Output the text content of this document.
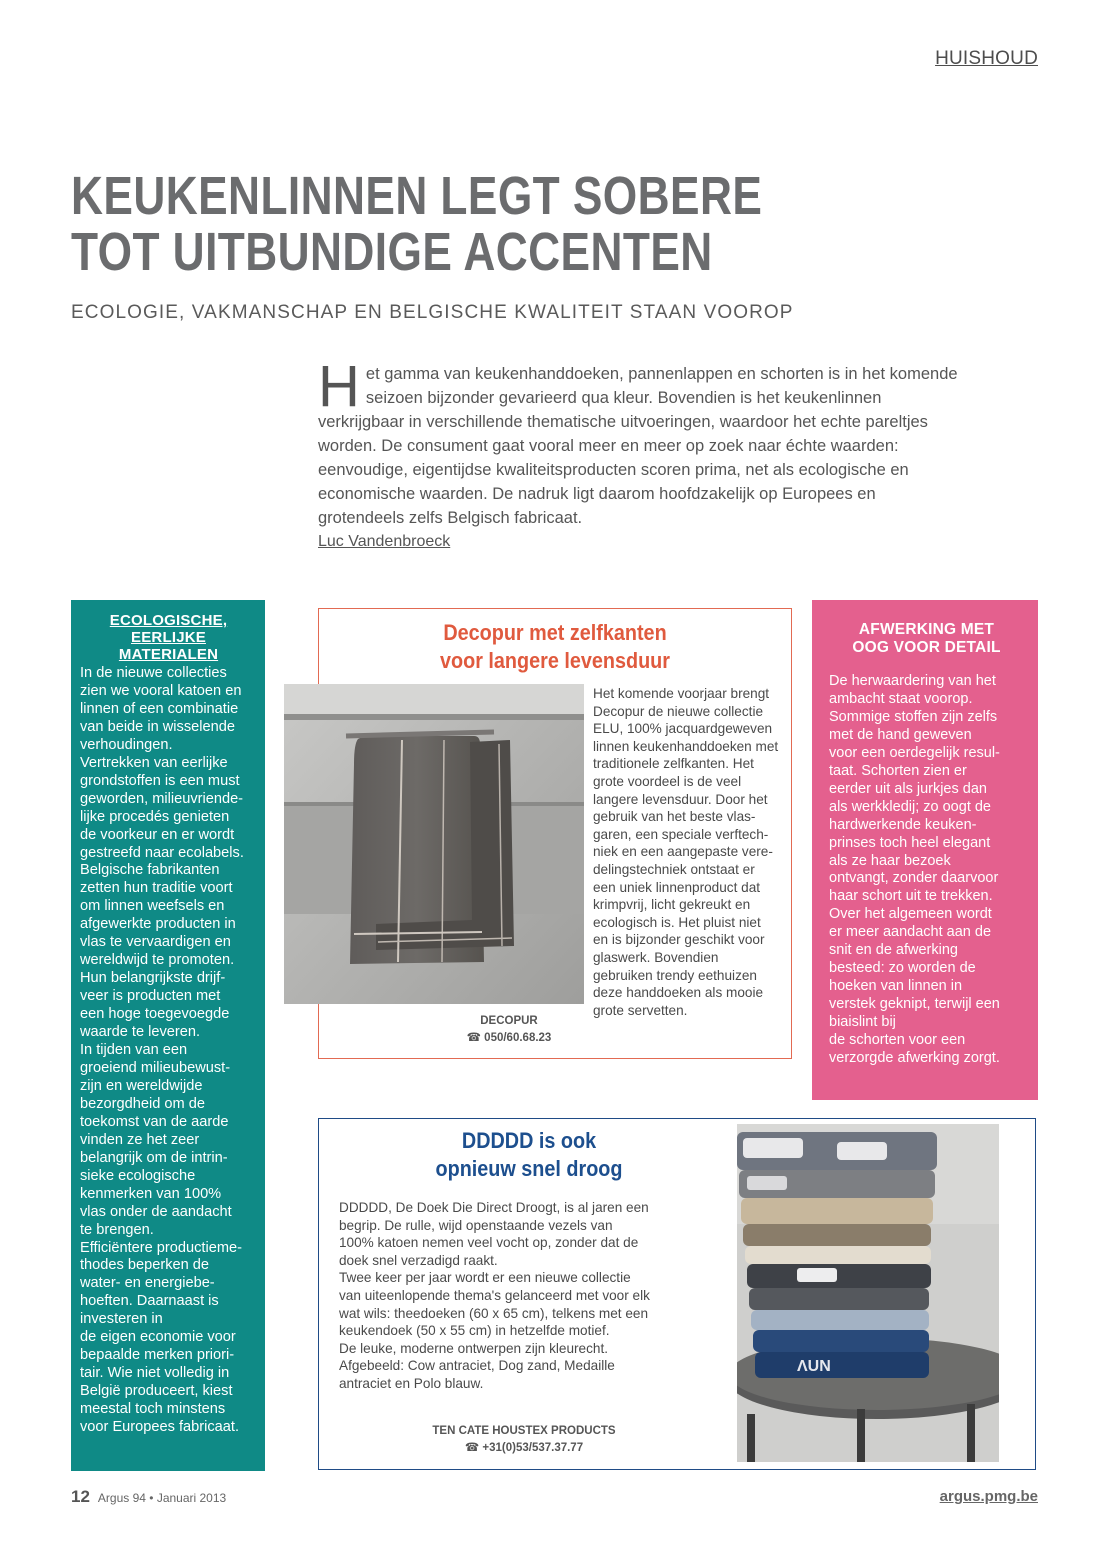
HUISHOUD
KEUKENLINNEN LEGT SOBERE
TOT UITBUNDIGE ACCENTEN
ECOLOGIE, VAKMANSCHAP EN BELGISCHE KWALITEIT STAAN VOOROP
Het gamma van keukenhanddoeken, pannenlappen en schorten is in het komende seizoen bijzonder gevarieerd qua kleur. Bovendien is het keukenlinnen verkrijgbaar in verschillende thematische uitvoeringen, waardoor het echte pareltjes worden. De consument gaat vooral meer en meer op zoek naar échte waarden: eenvoudige, eigentijdse kwaliteitsproducten scoren prima, net als ecologische en economische waarden. De nadruk ligt daarom hoofdzakelijk op Europees en grotendeels zelfs Belgisch fabricaat.
Luc Vandenbroeck
ECOLOGISCHE, EERLIJKE MATERIALEN

In de nieuwe collecties
zien we vooral katoen en
linnen of een combinatie
van beide in wisselende
verhoudingen.
Vertrekken van eerlijke
grondstoffen is een must
geworden, milieuvriende-
lijke procedés genieten
de voorkeur en er wordt
gestreefd naar ecolabels.
Belgische fabrikanten
zetten hun traditie voort
om linnen weefsels en
afgewerkte producten in
vlas te vervaardigen en
wereldwijd te promoten.
Hun belangrijkste drijf-
veer is producten met
een hoge toegevoegde
waarde te leveren.
In tijden van een
groeiend milieubewust-
zijn en wereldwijde
bezorgdheid om de
toekomst van de aarde
vinden ze het zeer
belangrijk om de intrin-
sieke ecologische
kenmerken van 100%
vlas onder de aandacht
te brengen.
Efficiëntere productieme-
thodes beperken de
water- en energiebe-
hoeften. Daarnaast is
investeren in
de eigen economie voor
bepaalde merken priori-
tair. Wie niet volledig in
België produceert, kiest
meestal toch minstens
voor Europees fabricaat.

Decopur met zelfkanten
voor langere levensduur
Het komende voorjaar brengt
Decopur de nieuwe collectie
ELU, 100% jacquardgeweven
linnen keukenhanddoeken met
traditionele zelfkanten. Het
grote voordeel is de veel
langere levensduur. Door het
gebruik van het beste vlas-
garen, een speciale verftech-
niek en een aangepaste vere-
delingstechniek ontstaat er
een uniek linnenproduct dat
krimpvrij, licht gekreukt en
ecologisch is. Het pluist niet
en is bijzonder geschikt voor
glaswerk. Bovendien
gebruiken trendy eethuizen
deze handdoeken als mooie
grote servetten.
DECOPUR
☎ 050/60.68.23
AFWERKING MET
OOG VOOR DETAIL

De herwaardering van het
ambacht staat voorop.
Sommige stoffen zijn zelfs
met de hand geweven
voor een oerdegelijk resul-
taat. Schorten zien er
eerder uit als jurkjes dan
als werkkledij; zo oogt de
hardwerkende keuken-
prinses toch heel elegant
als ze haar bezoek
ontvangt, zonder daarvoor
haar schort uit te trekken.
Over het algemeen wordt
er meer aandacht aan de
snit en de afwerking
besteed: zo worden de
hoeken van linnen in
verstek geknipt, terwijl een
biaislint bij
de schorten voor een
verzorgde afwerking zorgt.

DDDDD is ook
opnieuw snel droog
DDDDD, De Doek Die Direct Droogt, is al jaren een
begrip. De rulle, wijd openstaande vezels van
100% katoen nemen veel vocht op, zonder dat de
doek snel verzadigd raakt.
Twee keer per jaar wordt er een nieuwe collectie
van uiteenlopende thema's gelanceerd met voor elk
wat wils: theedoeken (60 x 65 cm), telkens met een
keukendoek (50 x 55 cm) in hetzelfde motief.
De leuke, moderne ontwerpen zijn kleurecht.
Afgebeeld: Cow antraciet, Dog zand, Medaille
antraciet en Polo blauw.
TEN CATE HOUSTEX PRODUCTS
☎ +31(0)53/537.37.77
ΛUN
12 Argus 94 • Januari 2013	argus.pmg.be
